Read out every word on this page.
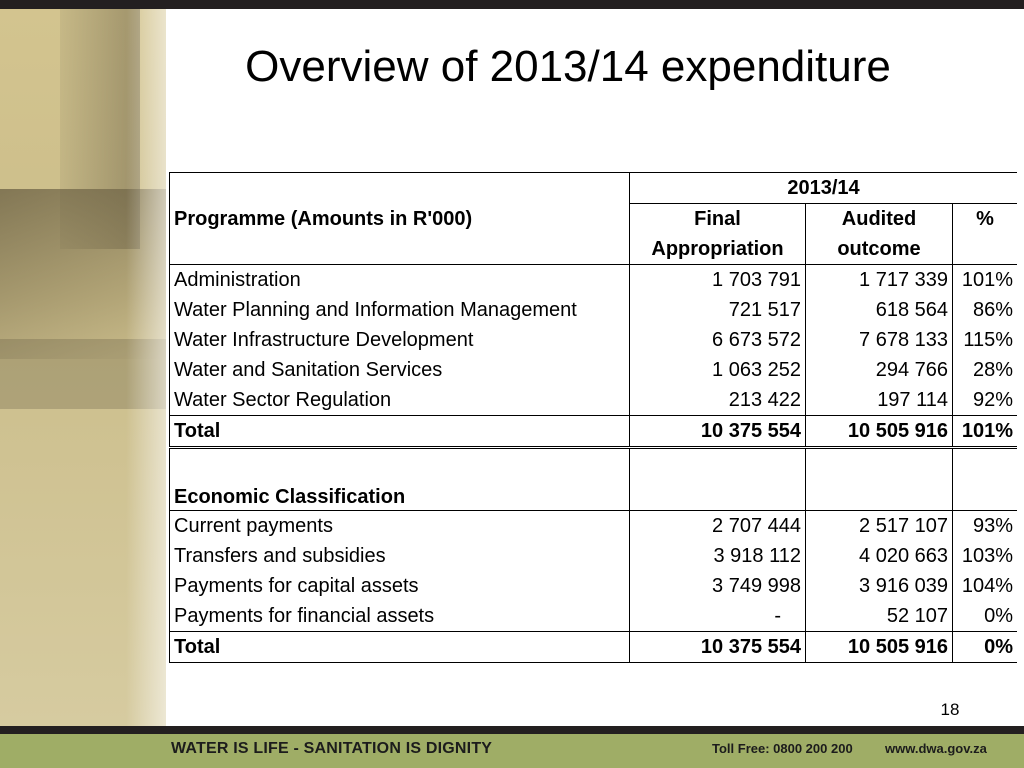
Overview of 2013/14 expenditure
Programme (Amounts in R'000)	2013/14		
	Final	Audited	%
	Appropriation	outcome	
Administration	1 703 791	1 717 339	101%
Water Planning and Information Management	721 517	618 564	86%
Water Infrastructure Development	6 673 572	7 678 133	115%
Water and Sanitation Services	1 063 252	294 766	28%
Water Sector Regulation	213 422	197 114	92%
Total	10 375 554	10 505 916	101%
Economic Classification			
Current payments	2 707 444	2 517 107	93%
Transfers and subsidies	3 918 112	4 020 663	103%
Payments for capital assets	3 749 998	3 916 039	104%
Payments for financial assets	-	52 107	0%
Total	10 375 554	10 505 916	0%
18
WATER IS LIFE - SANITATION IS DIGNITY	Toll Free: 0800 200 200 www.dwa.gov.za
